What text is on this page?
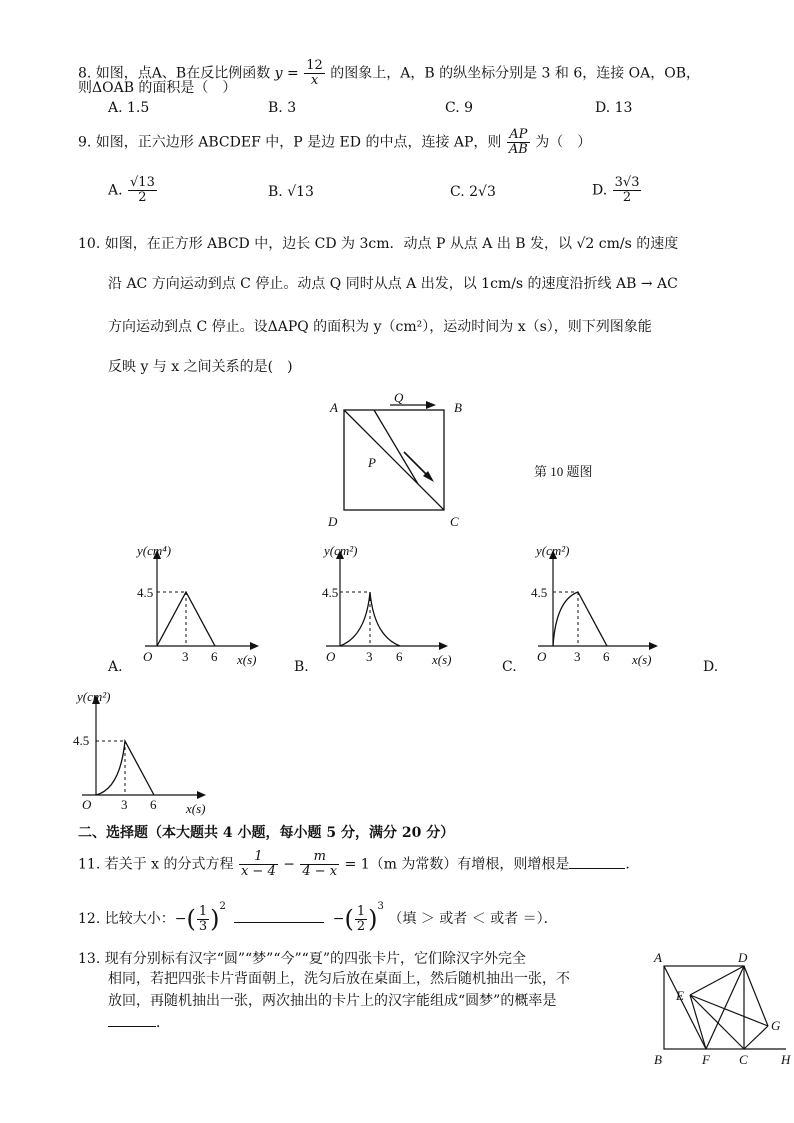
8. 如图，点A、B在反比例函数 $y = \frac{12}{x}$ 的图象上，A，B 的纵坐标分别是 3 和 6，连接 OA，OB，
则ΔOAB 的面积是（　）
A. 1.5	B. 3	C. 9	D. 13
9. 如图，正六边形 ABCDEF 中，P 是边 ED 的中点，连接 AP，则 $\frac{AP}{AB}$ 为（　）
A. $\frac{√13}{2}$	B. √13	C. 2√3	D. $\frac{3√3}{2}$
10. 如图，在正方形 ABCD 中，边长 CD 为 3cm．动点 P 从点 A 出 B 发，以 √2 cm/s 的速度
沿 AC 方向运动到点 C 停止。动点 Q 同时从点 A 出发，以 1cm/s 的速度沿折线 AB → AC
方向运动到点 C 停止。设ΔAPQ 的面积为 y（cm²），运动时间为 x（s），则下列图象能
反映 y 与 x 之间关系的是(　)
A	B
C
D
P
Q
第 10 题图
y(cm⁴)
4.5
O 3 6 x(s)
A.
y(cm²)
4.5
O 3 6 x(s)
B.
y(cm²)
4.5
O 3 6 x(s)
C.	D.
y(cm²)
4.5
O 3 6 x(s)
二、选择题（本大题共 4 小题，每小题 5 分，满分 20 分）
11. 若关于 x 的分式方程 $\frac{1}{x - 4} - \frac{m}{4 - x} = 1(m$ 为常数）有增根，则增根是	.
12. 比较大小：−( $\frac{1}{3} )^2$  −( $\frac{1}{2} )^3$ （填 ＞ 或者 ＜ 或者 ＝）．
13. 现有分别标有汉字“圆”“梦”“今”“夏”的四张卡片，它们除汉字外完全
相同，若把四张卡片背面朝上，洗匀后放在桌面上，然后随机抽出一张，不
放回，再随机抽出一张，两次抽出的卡片上的汉字能组成“圆梦”的概率是
．
A	D
E
G
B	F C	H
